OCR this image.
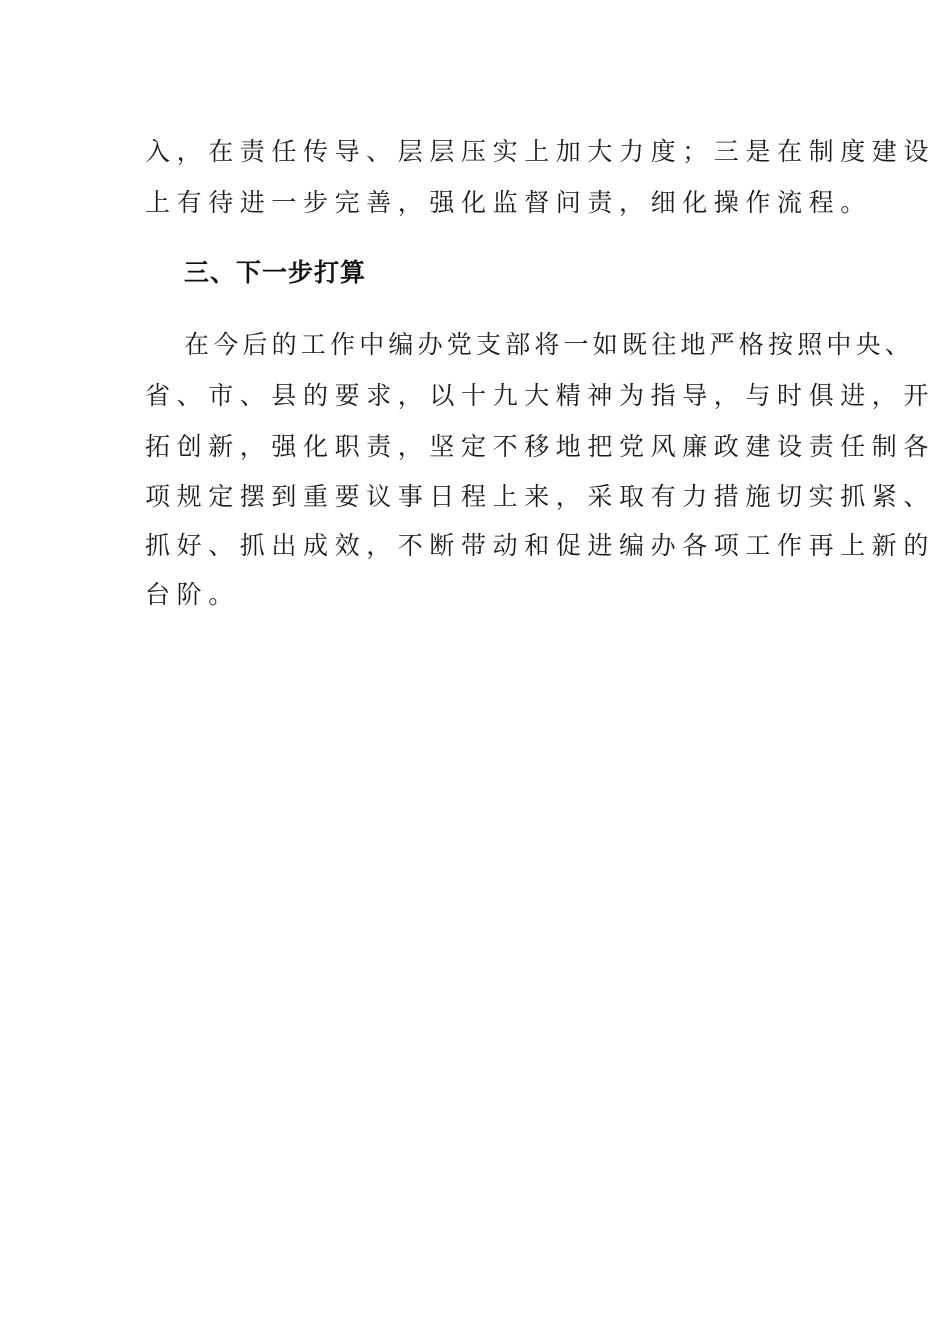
入，在责任传导、层层压实上加大力度；三是在制度建设
上有待进一步完善，强化监督问责，细化操作流程。
三、下一步打算
在今后的工作中编办党支部将一如既往地严格按照中央、
省、市、县的要求，以十九大精神为指导，与时俱进，开
拓创新，强化职责，坚定不移地把党风廉政建设责任制各
项规定摆到重要议事日程上来，采取有力措施切实抓紧、
抓好、抓出成效，不断带动和促进编办各项工作再上新的
台阶。
